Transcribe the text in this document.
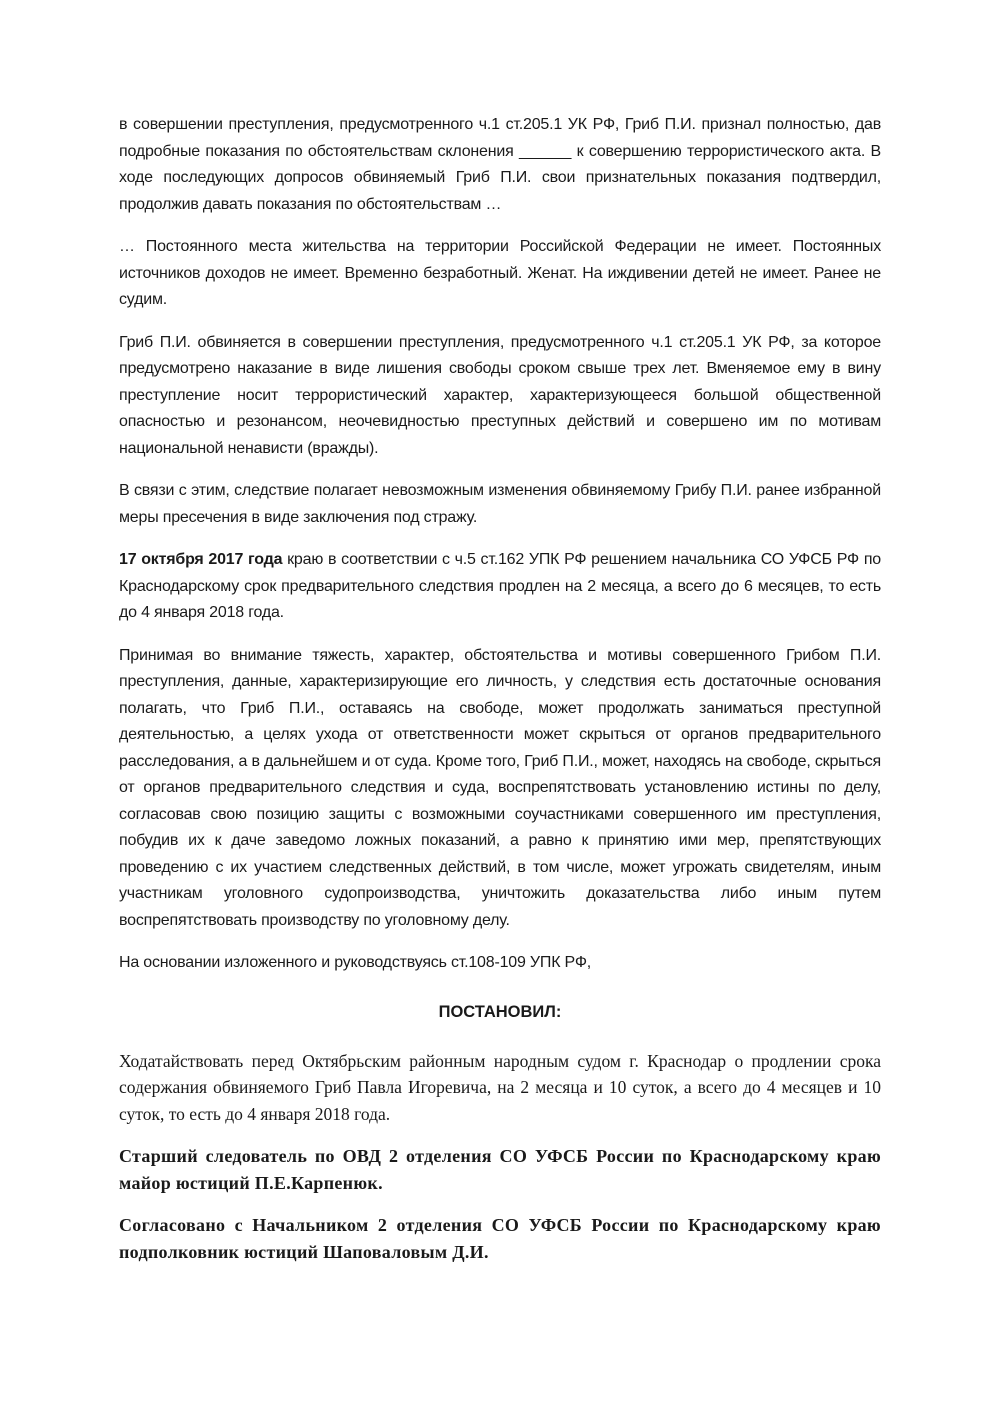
в совершении преступления, предусмотренного ч.1 ст.205.1 УК РФ, Гриб П.И. признал полностью, дав подробные показания по обстоятельствам склонения ______ к совершению террористического акта. В ходе последующих допросов обвиняемый Гриб П.И. свои признательных показания подтвердил, продолжив давать показания по обстоятельствам …

… Постоянного места жительства на территории Российской Федерации не имеет. Постоянных источников доходов не имеет. Временно безработный. Женат. На иждивении детей не имеет. Ранее не судим.

Гриб П.И. обвиняется в совершении преступления, предусмотренного ч.1 ст.205.1 УК РФ, за которое предусмотрено наказание в виде лишения свободы сроком свыше трех лет. Вменяемое ему в вину преступление носит террористический характер, характеризующееся большой общественной опасностью и резонансом, неочевидностью преступных действий и совершено им по мотивам национальной ненависти (вражды).

В связи с этим, следствие полагает невозможным изменения обвиняемому Грибу П.И. ранее избранной меры пресечения в виде заключения под стражу.

17 октября 2017 года краю в соответствии с ч.5 ст.162 УПК РФ решением начальника СО УФСБ РФ по Краснодарскому срок предварительного следствия продлен на 2 месяца, а всего до 6 месяцев, то есть до 4 января 2018 года.

Принимая во внимание тяжесть, характер, обстоятельства и мотивы совершенного Грибом П.И. преступления, данные, характеризирующие его личность, у следствия есть достаточные основания полагать, что Гриб П.И., оставаясь на свободе, может продолжать заниматься преступной деятельностью, а целях ухода от ответственности может скрыться от органов предварительного расследования, а в дальнейшем и от суда. Кроме того, Гриб П.И., может, находясь на свободе, скрыться от органов предварительного следствия и суда, воспрепятствовать установлению истины по делу, согласовав свою позицию защиты с возможными соучастниками совершенного им преступления, побудив их к даче заведомо ложных показаний, а равно к принятию ими мер, препятствующих проведению с их участием следственных действий, в том числе, может угрожать свидетелям, иным участникам уголовного судопроизводства, уничтожить доказательства либо иным путем воспрепятствовать производству по уголовному делу.

На основании изложенного и руководствуясь ст.108-109 УПК РФ,

ПОСТАНОВИЛ:

Ходатайствовать перед Октябрьским районным народным судом г. Краснодар о продлении срока содержания обвиняемого Гриб Павла Игоревича, на 2 месяца и 10 суток, а всего до 4 месяцев и 10 суток, то есть до 4 января 2018 года.

Старший следователь по ОВД 2 отделения СО УФСБ России по Краснодарскому краю майор юстиций П.Е.Карпенюк.

Согласовано с Начальником 2 отделения СО УФСБ России по Краснодарскому краю подполковник юстиций Шаповаловым Д.И.
